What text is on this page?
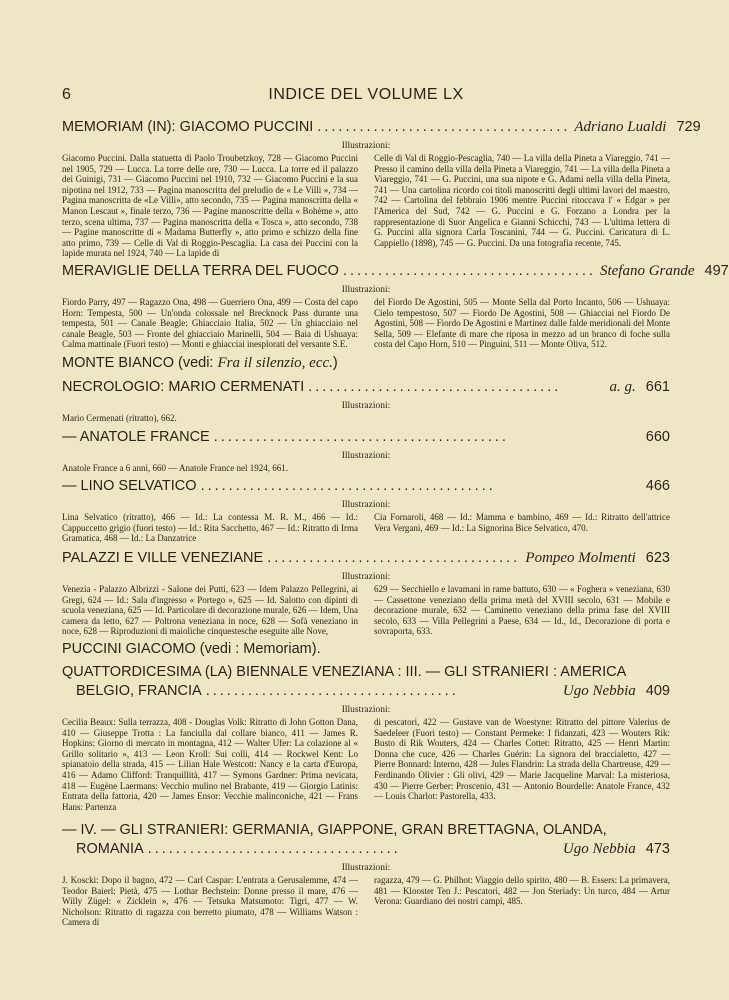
6	INDICE DEL VOLUME LX
MEMORIAM (IN): GIACOMO PUCCINI .................................... Adriano Lualdi 729
Illustrazioni:
Giacomo Puccini. Dalla statuetta di Paolo Troubetzkoy, 728 — Giacomo Puccini nel 1905, 729 — Lucca. La torre delle ore, 730 — Lucca. La torre ed il palazzo dei Guinigi, 731 — Giacomo Puccini nel 1910, 732 — Giacomo Puccini e la sua nipotina nel 1912, 733 — Pagina manoscritta del preludio de « Le Villi », 734 — Pagina manoscritta de «Le Villi», atto secondo, 735 — Pagina manoscritta della « Manon Lescaut », finale terzo, 736 — Pagine manoscritte della « Bohème », atto terzo, scena ultima, 737 — Pagina manoscritta della « Tosca », atto secondo, 738 — Pagine manoscritte di « Madama Butterfly », atto primo e schizzo della fine atto primo, 739 — Celle di Val di Roggio-Pescaglia. La casa dei Puccini con la lapide murata nel 1924, 740 — La lapide di
Celle di Val di Roggio-Pescaglia, 740 — La villa della Pineta a Viareggio, 741 — Presso il camino della villa della Pineta a Viareggio, 741 — La villa della Pineta a Viareggio, 741 — G. Puccini, una sua nipote e G. Adami nella villa della Pineta, 741 — Una cartolina ricordo coi titoli manoscritti degli ultimi lavori del maestro, 742 — Cartolina del febbraio 1906 mentre Puccini ritoccava l' « Edgar » per l'America del Sud, 742 — G. Puccini e G. Forzano a Londra per la rappresentazione di Suor Angelica e Gianni Schicchi, 743 — L'ultima lettera di G. Puccini alla signora Carla Toscanini, 744 — G. Puccini. Caricatura di L. Cappiello (1898), 745 — G. Puccini. Da una fotografia recente, 745.
MERAVIGLIE DELLA TERRA DEL FUOCO .................................... Stefano Grande 497
Illustrazioni:
Fiordo Parry, 497 — Ragazzo Ona, 498 — Guerriero Ona, 499 — Costa del capo Horn: Tempesta, 500 — Un'onda colossale nel Brecknock Pass durante una tempesta, 501 — Canale Beagle: Ghiacciaio Italia, 502 — Un ghiacciaio nel canale Beagle, 503 — Fronte del ghiacciaio Marinelli, 504 — Baia di Ushuaya: Calma mattinale (Fuori testo) — Monti e ghiacciai inesplorati del versante S.E.
del Fiordo De Agostini, 505 — Monte Sella dal Porto Incanto, 506 — Ushuaya: Cielo tempestoso, 507 — Fiordo De Agostini, 508 — Ghiacciai nel Fiordo De Agostini, 508 — Fiordo De Agostini e Martinez dalle falde meridionali del Monte Sella, 509 — Elefante di mare che riposa in mezzo ad un branco di foche sulla costa del Capo Horn, 510 — Pinguini, 511 — Monte Oliva, 512.
MONTE BIANCO (vedi: Fra il silenzio, ecc.)
NECROLOGIO: MARIO CERMENATI ....................................	a. g. 661
Illustrazioni:
Mario Cermenati (ritratto), 662.
— ANATOLE FRANCE ..........................................	660
Illustrazioni:
Anatole France a 6 anni, 660 — Anatole France nel 1924, 661.
— LINO SELVATICO ..........................................	466
Illustrazioni:
Lina Selvatico (ritratto), 466 — Id.: La contessa M. R. M., 466 — Id.: Cappuccetto grigio (fuori testo) — Id.: Rita Sacchetto, 467 — Id.: Ritratto di Irma Gramatica, 468 — Id.: La Danzatrice
Cia Fornaroli, 468 — Id.: Mamma e bambino, 469 — Id.: Ritratto dell'attrice Vera Vergani, 469 — Id.: La Signorina Bice Selvatico, 470.
PALAZZI E VILLE VENEZIANE .................................... Pompeo Molmenti 623
Illustrazioni:
Venezia - Palazzo Albrizzi - Salone dei Putti, 623 — Idem Palazzo Pellegrini, ai Gregi, 624 — Id.: Sala d'ingresso « Portego », 625 — Id. Salotto con dipinti di scuola veneziana, 625 — Id. Particolare di decorazione murale, 626 — Idem, Una camera da letto, 627 — Poltrona veneziana in noce, 628 — Sofà veneziano in noce, 628 — Riproduzioni di maioliche cinquestesche eseguite alle Nove,
629 — Secchiello e lavamani in rame battuto, 630 — « Foghera » veneziana, 630 — Cassettone veneziano della prima metà del XVIII secolo, 631 — Mobile e decorazione murale, 632 — Caminetto veneziano della prima fase del XVIII secolo, 633 — Villa Pellegrini a Paese, 634 — Id., Id., Decorazione di porta e sovraporta, 633.
PUCCINI GIACOMO (vedi : Memoriam).
QUATTORDICESIMA (LA) BIENNALE VENEZIANA : III. — GLI STRANIERI : AMERICA
BELGIO, FRANCIA ....................................	Ugo Nebbia 409
Illustrazioni:
Cecilia Beaux: Sulla terrazza, 408 - Douglas Volk: Ritratto di John Gotton Dana, 410 — Giuseppe Trotta : La fanciulla dal collare bianco, 411 — James R. Hopkins: Giorno di mercato in montagna, 412 — Walter Ufer: La colazione al « Grillo solitario », 413 — Leon Kroll: Sui colli, 414 — Rockwel Kent: Lo spianatoio della strada, 415 — Lilian Hale Westcott: Nancy e la carta d'Europa, 416 — Adamo Clifford: Tranquillità, 417 — Symons Gardner: Prima nevicata, 418 — Eugène Laermans: Vecchio mulino nel Brabante, 419 — Giorgio Latinis: Entrata della fattoria, 420 — James Ensor: Vecchie malinconiche, 421 — Frans Hans: Partenza
di pescatori, 422 — Gustave van de Woestyne: Ritratto del pittore Valerius de Saedeleer (Fuori testo) — Constant Permeke: I fidanzati, 423 — Wouters Rik: Busto di Rik Wouters, 424 — Charles Cottet: Ritratto, 425 — Henri Martin: Donna che cuce, 426 — Charles Guérin: La signora del braccialetto, 427 — Pierre Bonnard: Interno, 428 — Jules Flandrin: La strada della Chartreuse, 429 — Ferdinando Olivier : Gli olivi, 429 — Marie Jacqueline Marval: La misteriosa, 430 — Pierre Gerber: Proscenio, 431 — Antonio Bourdelle: Anatole France, 432 — Louis Charlot: Pastorella, 433.
— IV. — GLI STRANIERI: GERMANIA, GIAPPONE, GRAN BRETTAGNA, OLANDA,
ROMANIA ....................................	Ugo Nebbia 473
Illustrazioni:
J. Koscki: Dopo il bagno, 472 — Carl Caspar: L'entrata a Gerusalemme, 474 — Teodor Baierl: Pietà, 475 — Lothar Bechstein: Donne presso il mare, 476 — Willy Zügel: « Zicklein », 476 — Tetsuka Matsumoto: Tigri, 477 — W. Nicholson: Ritratto di ragazza con berretto piumato, 478 — Williams Watson : Camera di
ragazza, 479 — G. Philhot: Viaggio dello spirito, 480 — B. Essers: La primavera, 481 — Klooster Ten J.: Pescatori, 482 — Jon Steriady: Un turco, 484 — Artur Verona: Guardiano dei nostri campi, 485.
